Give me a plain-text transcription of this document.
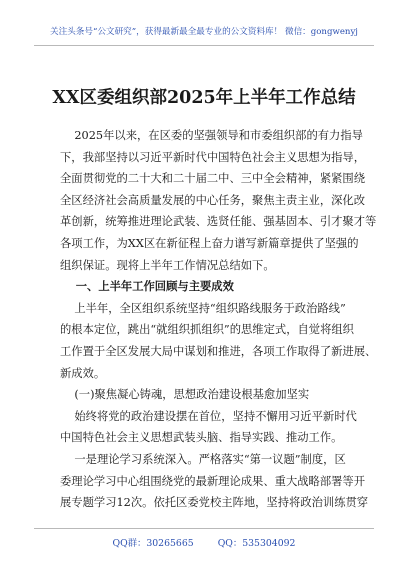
关注头条号“公文研究”，获得最新最全最专业的公文资料库！ 微信：gongwenyj
XX区委组织部2025年上半年工作总结

2025年以来，在区委的坚强领导和市委组织部的有力指导

下，我部坚持以习近平新时代中国特色社会主义思想为指导，

全面贯彻党的二十大和二十届二中、三中全会精神，紧紧围绕

全区经济社会高质量发展的中心任务，聚焦主责主业，深化改

革创新，统筹推进理论武装、选贤任能、强基固本、引才聚才等

各项工作，为XX区在新征程上奋力谱写新篇章提供了坚强的

组织保证。现将上半年工作情况总结如下。

一、上半年工作回顾与主要成效

上半年，全区组织系统坚持“组织路线服务于政治路线”

的根本定位，跳出“就组织抓组织”的思维定式，自觉将组织

工作置于全区发展大局中谋划和推进，各项工作取得了新进展、

新成效。

(一)聚焦凝心铸魂，思想政治建设根基愈加坚实

始终将党的政治建设摆在首位，坚持不懈用习近平新时代

中国特色社会主义思想武装头脑、指导实践、推动工作。

一是理论学习系统深入。严格落实“第一议题”制度，区

委理论学习中心组围绕党的最新理论成果、重大战略部署等开

展专题学习12次。依托区委党校主阵地，坚持将政治训练贯穿

QQ群：30265665	QQ：535304092
